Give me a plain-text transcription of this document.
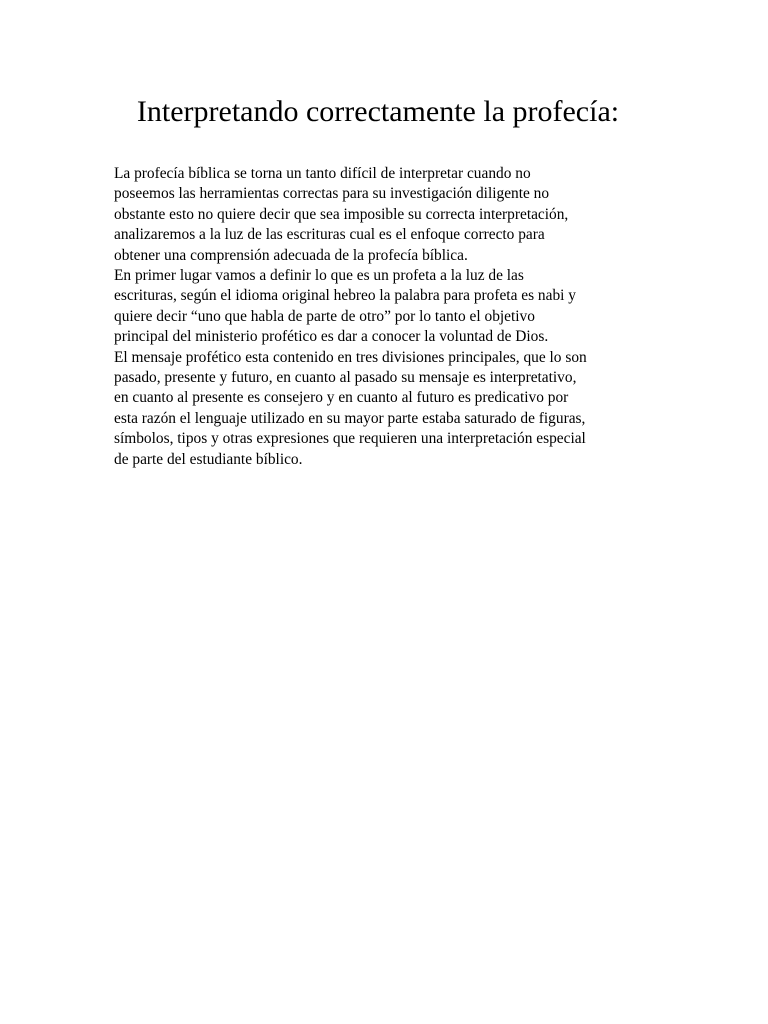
Interpretando correctamente la profecía:
La profecía bíblica se torna un tanto difícil de interpretar cuando no
poseemos las herramientas correctas para su investigación diligente no
obstante esto no quiere decir que sea imposible su correcta interpretación,
analizaremos a la luz de las escrituras cual es el enfoque correcto para
obtener una comprensión adecuada de la profecía bíblica.
En primer lugar vamos a definir lo que es un profeta a la luz de las
escrituras, según el idioma original hebreo la palabra para profeta es nabi y
quiere decir “uno que habla de parte de otro” por lo tanto el objetivo
principal del ministerio profético es dar a conocer la voluntad de Dios.
El mensaje profético esta contenido en tres divisiones principales, que lo son
pasado, presente y futuro, en cuanto al pasado su mensaje es interpretativo,
en cuanto al presente es consejero y en cuanto al futuro es predicativo por
esta razón el lenguaje utilizado en su mayor parte estaba saturado de figuras,
símbolos, tipos y otras expresiones que requieren una interpretación especial
de parte del estudiante bíblico.
